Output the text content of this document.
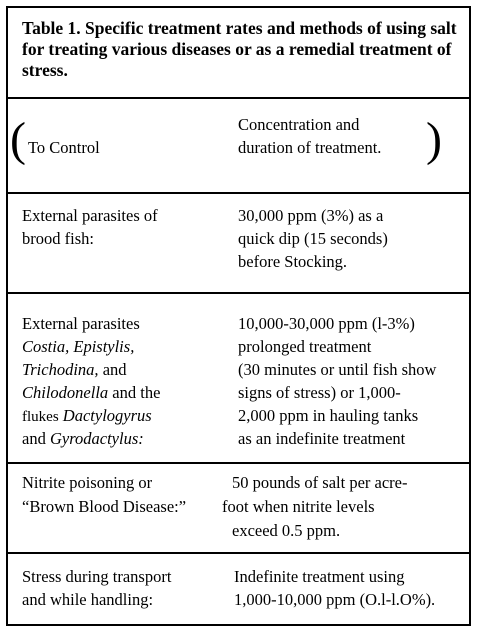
Table 1. Specific treatment rates and methods of using salt for treating various diseases or as a remedial treatment of stress.
( To Control
Concentration and
duration of treatment. )
External parasites of
brood fish:
30,000 ppm (3%) as a
quick dip (15 seconds)
before Stocking.
External parasites
Costia, Epistylis,
Trichodina, and
Chilodonella and the
flukes Dactylogyrus
and Gyrodactylus:
10,000-30,000 ppm (l-3%)
prolonged treatment
(30 minutes or until fish show
signs of stress) or 1,000-
2,000 ppm in hauling tanks
as an indefinite treatment
Nitrite poisoning or
“Brown Blood Disease:”
50 pounds of salt per acre-
foot when nitrite levels
exceed 0.5 ppm.
Stress during transport
and while handling:
Indefinite treatment using
1,000-10,000 ppm (O.l-l.O%).
